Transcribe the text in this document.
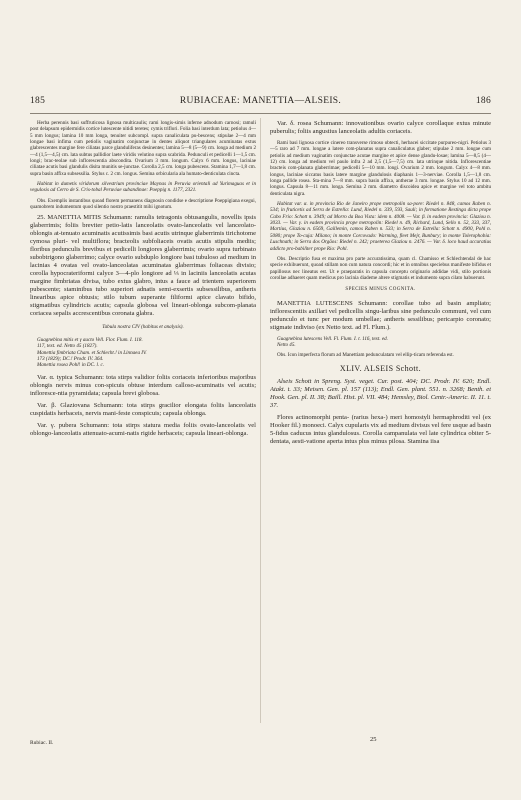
185	RUBIACEAE: MANETTIA—ALSEIS.	186

Herba perennis basi suffruticosa lignosa multicaulis; rami longis-simis inferne adnodum carnosi; ramuli post delapsum epidermidis cortice lutescente nitidi teretes; cymis triflori. Folia basi interdum lata; petiolus 4—5 mm longus; lamina 10 mm longa, tenuiter subcompl. supra canaliculata pu-bescens; stipulae 2—4 mm longae basi infima cum petiolis vaginatim conjunctae in dentes aliquot triangulares acuminatas extus glabrescentes margine fere ciliatas parce glanduliferas desinentes; lamina 5—8 (5—9) cm. longa ad medium 2—4 (1,5—4,5) cm. lata subtus pallidior laete viridis velutino supra scabrida. Pedunculi et pedicelli 1—1,5 cm. longi; brac-teolae sub inflorescentia abscondita. Ovarium 3 mm. longum. Calyx 6 mm. longus, laciniae ciliatae acutis basi glandulis disita munitis se-junctae. Corolla 2,5 cm. longa pubescens. Stamina 1,7—1,8 cm. supra basin affixa subsessilia. Stylus c. 2 cm. longus. Semina orbicularia ala humato-denticulata cincta.

Habitat in dumetis viridorum silvestrium provinciae Maynas in Peruvia orientali ad Yurimaguas et in vegulosis ad Cerro de S. Cris-tobal Peruviae subandinae: Poeppig n. 1177, 2321.

Obs. Exemplis instantibus quoad florem permanens diagnosin condidse e descriptione Poeppigiana exegui, quamobrem indumentum quod silentio nostro praestitit mihi ignotum.

25. MANETTIA MITIS Schumann: ramulis tetragonis obtusangulis, novellis ipsis glaberrimis; foliis breviter petio-latis lanceolatis ovato-lanceolatis vel lanceolato-oblongis at-tenuato acuminatis acutissimis basi acutis utrinque glaberrimis tirichotome cymosa pluri- vel multiflora; bracteolis subfoliaceis ovatis acutis stipulis mediis; floribus pedunculis brevibus et pedicelli longiores glaberrimis; ovario supra turbinato subobtrigono glaberrimo; calyce ovario subduplo longiore basi tubuloso ad medium in lacinias 4 ovatas vel ovato-lanceolatas acuminatas glaberrimas foliaceas divisio; corolla hypocrateriformi calyce 3—4-plo longiore ad ⅓ in laciniis lanceolatis acutas margine fimbriatas divisa, tubo extus glabro, intus a fauce ad trientem superiorem pubescente; staminibus tubo superiori adnatis semi-exsertis subsessilibus, antheris linearibus apice obtusis; stilo tubum superante filiformi apice clavato bifido, stigmatibus cylindricis acutis; capsula globosa vel lineari-oblonga subcom-planata coriacea sepalis accrescentibus coronata glabra.

Tabula nostra CIV (habitus et analysis).

Guagnebina mitis et γ aucto Vell. Flor. Flum. I. 118.

117, text. ed. Netto 45 (1827).

Manettia fimbriata Cham. et Schlecht.! in Linnaea IV.

173 (1829); DC.! Prodr. IV. 364.

Manettia rosea Pohl! in DC. l. c.

Var. α. typica Schumann: tota stirps validior foliis coriaceis inferioribus majoribus oblongis nervis minus con-spicuis obtuse interdum calloso-acuminatis vel acutis; infloresce-ntia pyramidata; capsula brevi globosa.

Var. β. Glaziovana Schumann: tota stirps gracilior elongata foliis lanceolatis cuspidatis herbaceis, nervis mani-feste conspicuis; capsula oblonga.

Var. γ. pubera Schumann: tota stirps statura media foliis ovato-lanceolatis vel oblongo-lanceolatis attenuato-acumi-natis rigide herbaceis; capsula lineari-oblonga.

Var. δ. rosea Schumann: innovationibus ovario calyce corollaque extus minute puberulis; foliis angustius lanceolatis adultis coriaceis.

Rami basi lignosa cortice cinereo transverse rimoso obtecti, herbacei siccitate purpureo-nigri. Petiolus 3—5 raro ad 7 mm. longae a latere com-planatus supra canaliculatus glaber; stipulae 2 mm. longae cum petiolis ad medium vaginatim conjunctae acutae margine et apice dense glandu-losae; lamina 5—8,5 (4—12) cm. longa ad medium vel paulo infra 2 ad 2,5 (1,5—7,5) cm. lata utrinque nitida. Inflorescentiae bracteis com-planata glaberrimae; pedicelli 5—10 mm. longi. Ovarium 2 mm. longum. Calyx 4—8 mm. longus, laciniae siccatus basis latere margine glandulosis diaphanis 1—3-nerviae. Corolla 1,5—1,8 cm. longa pallide rosea. Sta-mina 7—8 mm. supra basin affixa, antherae 3 mm. longae. Stylus 10 ad 12 mm. longus. Capsula 8—11 mm. longa. Semina 2 mm. diametro discoidea apice et margine vel toto ambitu denticulata nigra.

Habitat var. α. in provincia Rio de Janeiro prope metropolin sa-pore: Riedel n. 848, camos Raben n. 534; in fruticetis ad Serra de Estrella: Lund, Riedel n. 339, 593, Sauli; in formatione Restinga dicta prope Cabo Frio: Schott n. 3949; ad Morro da Boa Vista: idem n. 4008. — Var. β. in eadem provincia: Glaziou n. 3033. — Var. γ. in eadem provincia prope metropolin: Riedel n. 49, Richard, Lund, Sello n. 52, 333, 337, Martius, Glaziou n. 6569, Gaillemin, camos Raben n. 533; in Serra de Estrella: Schott n. 4900, Pohl n. 5080; prope To-cuja: Milano; in monte Corcovado: Warming, fleet Mejr, Bunbury; in monte Tolerophobia: Luschnath; in Serra dos Orgãos: Riedel n. 242; praeterea Glaziou n. 2476. — Var. δ. loco haud accuratius addicto pro-babiliter prope Rio: Pohl.

Obs. Descriptio fusa et maxima pro parte accuratissima, quam cl. Chamisso et Schlechtendal de hac specie exhibuerunt, quoad stillam non cum natura concordi; hic et in omnibus speciebus manifeste bifidus et papillosus nec lineatus est. Ut e praeparatis in capsula conceptu originario addidae vidi, stilo portionis corollae adhaeret quam medicus pro lacinia diademe altere stigmatis et indumento supra cilato habuerunt.

SPECIES MINUS COGNITA.

MANETTIA LUTESCENS Schumann: corollae tubo ad basin ampliato; inflorescentiis axillari vel pedicellis singu-laribus sine pedunculo communi, vel cum pedunculo et tunc per modum umbellae; antheris sessilibus; pericarpio coronato; stigmate indiviso (ex Netto text. ad Fl. Flum.).

Guagnebina lutescens Vell. Fl. Flum. I. t. 116, text. ed.

Netto 45.

Obs. Icon imperfecta florum ad Manettiam pedunculatam vel ellip-ticam referenda est.

XLIV. ALSEIS Schott.

Alseis Schott in Spreng. Syst. veget. Cur. post. 404; DC. Prodr. IV. 620; Endl. Atakt. t. 33; Meisen. Gen. pl. 157 (113); Endl. Gen. plant. 551. n. 3268; Benth. et Hook. Gen. pl. II. 38; Baill. Hist. pl. VII. 484; Hemsley, Biol. Centr.-Americ. II. 11. t. 37.

Flores actinomorphi penta- (rarius hexa-) meri homostyli hermaphroditi vel (ex Hooker fil.) monoeci. Calyx cupularis vix ad medium divisus vel fere usque ad basin 5-fidus caducus intus glandulosus. Corolla campanulata vel late cylindrica obiter 5-dentata, aesti-vatione aperta intus plus minus pilosa. Stamina iisa

Rubiac. II.	25
